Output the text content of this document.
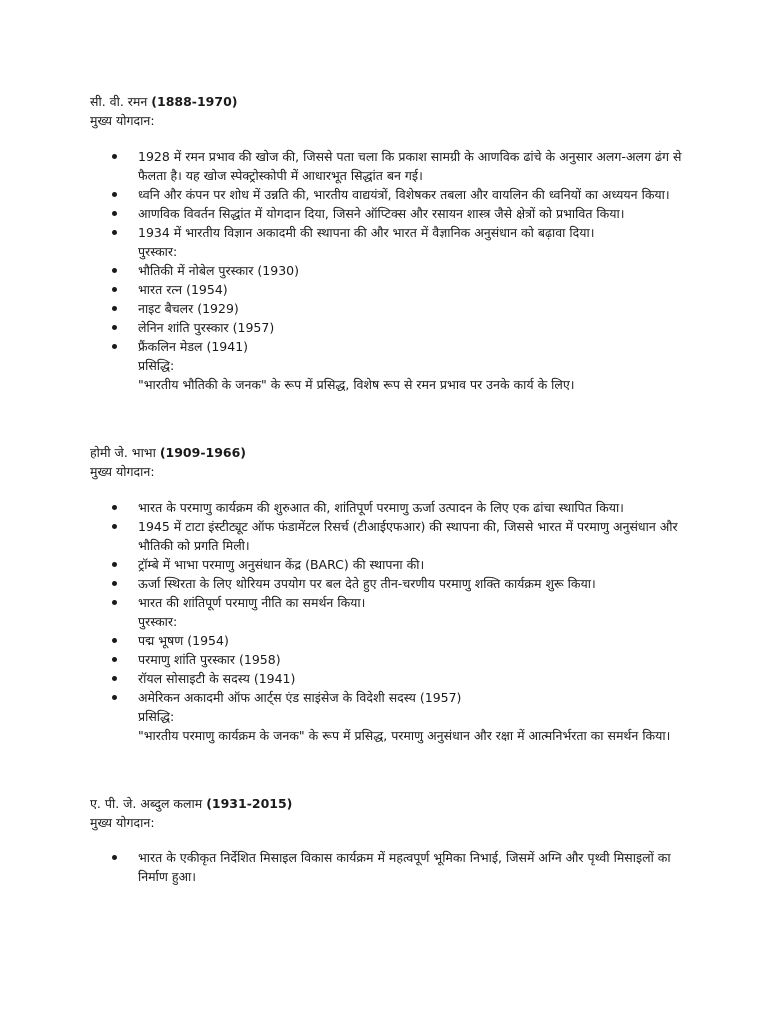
सी. वी. रमन (1888-1970)
मुख्य योगदान:
1928 में रमन प्रभाव की खोज की, जिससे पता चला कि प्रकाश सामग्री के आणविक ढांचे के अनुसार अलग-अलग ढंग से फैलता है। यह खोज स्पेक्ट्रोस्कोपी में आधारभूत सिद्धांत बन गई।
ध्वनि और कंपन पर शोध में उन्नति की, भारतीय वाद्ययंत्रों, विशेषकर तबला और वायलिन की ध्वनियों का अध्ययन किया।
आणविक विवर्तन सिद्धांत में योगदान दिया, जिसने ऑप्टिक्स और रसायन शास्त्र जैसे क्षेत्रों को प्रभावित किया।
1934 में भारतीय विज्ञान अकादमी की स्थापना की और भारत में वैज्ञानिक अनुसंधान को बढ़ावा दिया।
पुरस्कार:
भौतिकी में नोबेल पुरस्कार (1930)
भारत रत्न (1954)
नाइट बैचलर (1929)
लेनिन शांति पुरस्कार (1957)
फ्रैंकलिन मेडल (1941)
प्रसिद्धि:
"भारतीय भौतिकी के जनक" के रूप में प्रसिद्ध, विशेष रूप से रमन प्रभाव पर उनके कार्य के लिए।
होमी जे. भाभा (1909-1966)
मुख्य योगदान:
भारत के परमाणु कार्यक्रम की शुरुआत की, शांतिपूर्ण परमाणु ऊर्जा उत्पादन के लिए एक ढांचा स्थापित किया।
1945 में टाटा इंस्टीट्यूट ऑफ फंडामेंटल रिसर्च (टीआईएफआर) की स्थापना की, जिससे भारत में परमाणु अनुसंधान और भौतिकी को प्रगति मिली।
ट्रॉम्बे में भाभा परमाणु अनुसंधान केंद्र (BARC) की स्थापना की।
ऊर्जा स्थिरता के लिए थोरियम उपयोग पर बल देते हुए तीन-चरणीय परमाणु शक्ति कार्यक्रम शुरू किया।
भारत की शांतिपूर्ण परमाणु नीति का समर्थन किया।
पुरस्कार:
पद्म भूषण (1954)
परमाणु शांति पुरस्कार (1958)
रॉयल सोसाइटी के सदस्य (1941)
अमेरिकन अकादमी ऑफ आर्ट्स एंड साइंसेज के विदेशी सदस्य (1957)
प्रसिद्धि:
"भारतीय परमाणु कार्यक्रम के जनक" के रूप में प्रसिद्ध, परमाणु अनुसंधान और रक्षा में आत्मनिर्भरता का समर्थन किया।
ए. पी. जे. अब्दुल कलाम (1931-2015)
मुख्य योगदान:
भारत के एकीकृत निर्देशित मिसाइल विकास कार्यक्रम में महत्वपूर्ण भूमिका निभाई, जिसमें अग्नि और पृथ्वी मिसाइलों का निर्माण हुआ।
